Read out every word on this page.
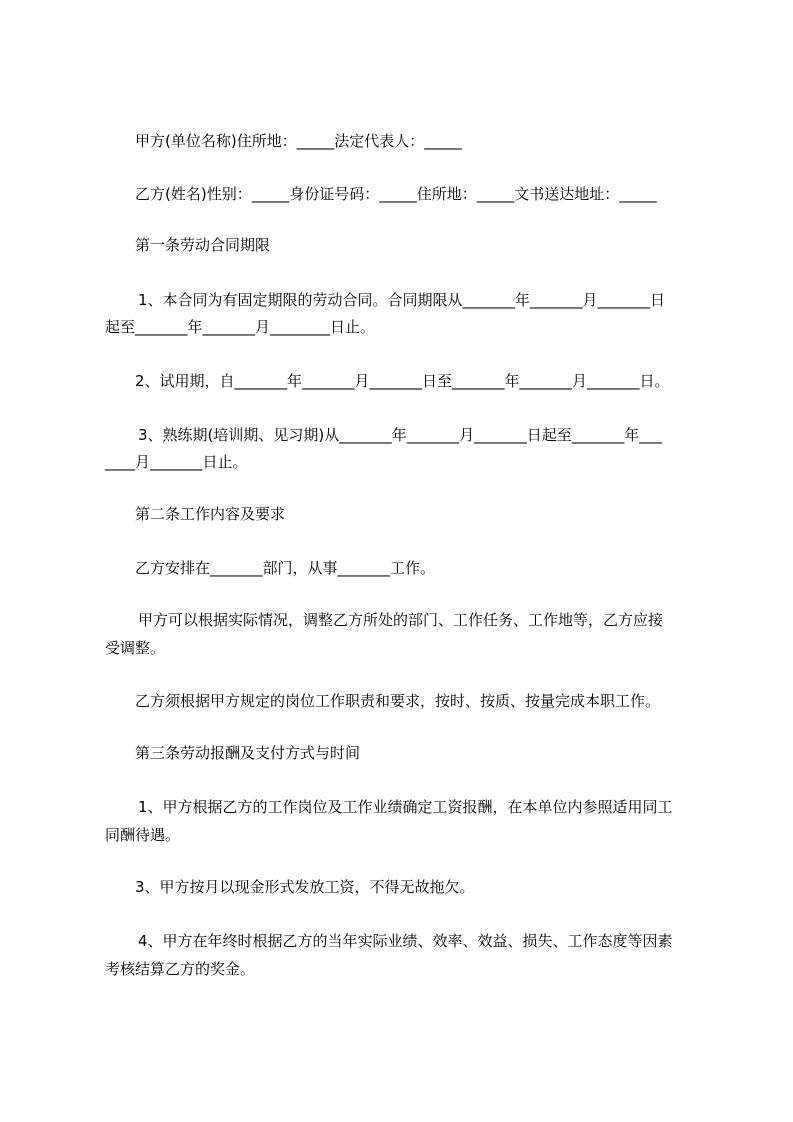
甲方(单位名称)住所地：_____法定代表人：_____

乙方(姓名)性别：_____身份证号码：_____住所地：_____文书送达地址：_____

第一条劳动合同期限

1、本合同为有固定期限的劳动合同。合同期限从_______年_______月_______日

起至_______年_______月________日止。

2、试用期，自_______年_______月_______日至_______年_______月_______日。

3、熟练期(培训期、见习期)从_______年_______月_______日起至_______年___

____月_______日止。

第二条工作内容及要求

乙方安排在_______部门，从事_______工作。

甲方可以根据实际情况，调整乙方所处的部门、工作任务、工作地等，乙方应接

受调整。

乙方须根据甲方规定的岗位工作职责和要求，按时、按质、按量完成本职工作。

第三条劳动报酬及支付方式与时间

1、甲方根据乙方的工作岗位及工作业绩确定工资报酬，在本单位内参照适用同工

同酬待遇。

3、甲方按月以现金形式发放工资，不得无故拖欠。

4、甲方在年终时根据乙方的当年实际业绩、效率、效益、损失、工作态度等因素

考核结算乙方的奖金。
